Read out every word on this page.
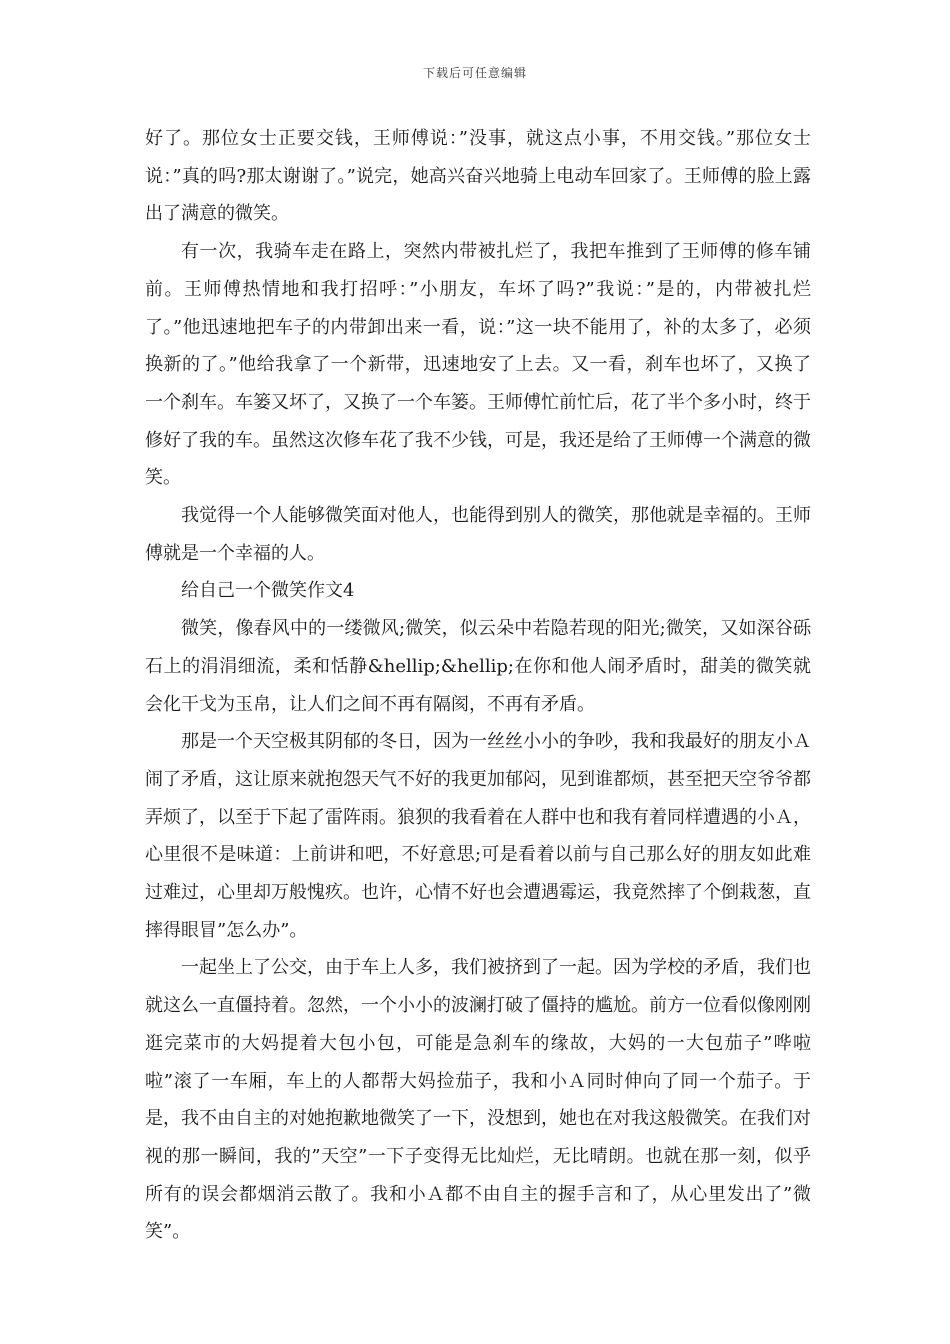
下载后可任意编辑

好了。那位女士正要交钱，王师傅说：”没事，就这点小事，不用交钱。”那位女士说：”真的吗?那太谢谢了。”说完，她高兴奋兴地骑上电动车回家了。王师傅的脸上露出了满意的微笑。

有一次，我骑车走在路上，突然内带被扎烂了，我把车推到了王师傅的修车铺前。王师傅热情地和我打招呼：”小朋友，车坏了吗?”我说：”是的，内带被扎烂了。”他迅速地把车子的内带卸出来一看，说：”这一块不能用了，补的太多了，必须换新的了。”他给我拿了一个新带，迅速地安了上去。又一看，刹车也坏了，又换了一个刹车。车篓又坏了，又换了一个车篓。王师傅忙前忙后，花了半个多小时，终于修好了我的车。虽然这次修车花了我不少钱，可是，我还是给了王师傅一个满意的微笑。

我觉得一个人能够微笑面对他人，也能得到别人的微笑，那他就是幸福的。王师傅就是一个幸福的人。

给自己一个微笑作文4

微笑，像春风中的一缕微风;微笑，似云朵中若隐若现的阳光;微笑，又如深谷砾石上的涓涓细流，柔和恬静&hellip;&hellip;在你和他人闹矛盾时，甜美的微笑就会化干戈为玉帛，让人们之间不再有隔阂，不再有矛盾。

那是一个天空极其阴郁的冬日，因为一丝丝小小的争吵，我和我最好的朋友小Ａ闹了矛盾，这让原来就抱怨天气不好的我更加郁闷，见到谁都烦，甚至把天空爷爷都弄烦了，以至于下起了雷阵雨。狼狈的我看着在人群中也和我有着同样遭遇的小Ａ，心里很不是味道：上前讲和吧，不好意思;可是看着以前与自己那么好的朋友如此难过难过，心里却万般愧疚。也许，心情不好也会遭遇霉运，我竟然摔了个倒栽葱，直摔得眼冒”怎么办”。

一起坐上了公交，由于车上人多，我们被挤到了一起。因为学校的矛盾，我们也就这么一直僵持着。忽然，一个小小的波澜打破了僵持的尴尬。前方一位看似像刚刚逛完菜市的大妈提着大包小包，可能是急刹车的缘故，大妈的一大包茄子”哗啦啦”滚了一车厢，车上的人都帮大妈捡茄子，我和小Ａ同时伸向了同一个茄子。于是，我不由自主的对她抱歉地微笑了一下，没想到，她也在对我这般微笑。在我们对视的那一瞬间，我的”天空”一下子变得无比灿烂，无比晴朗。也就在那一刻，似乎所有的误会都烟消云散了。我和小Ａ都不由自主的握手言和了，从心里发出了”微笑”。
